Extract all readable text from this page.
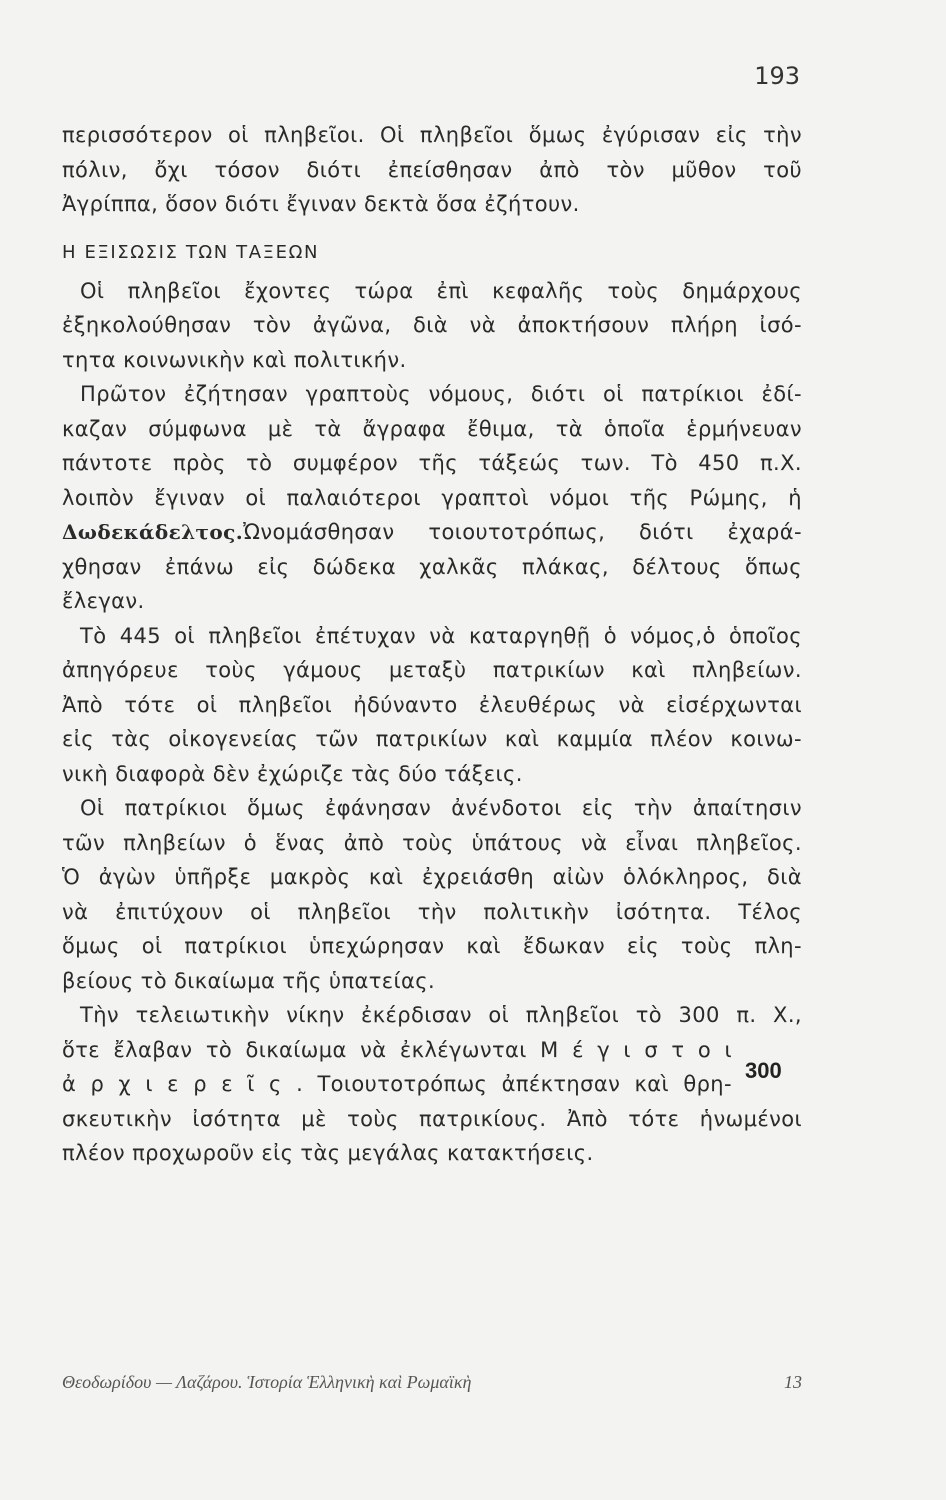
193
περισσότερον οἱ πληβεῖοι. Οἱ πληβεῖοι ὅμως ἐγύρισαν εἰς τὴν
πόλιν, ὄχι τόσον διότι ἐπείσθησαν ἀπὸ τὸν μῦθον τοῦ
Ἀγρίππα, ὅσον διότι ἔγιναν δεκτὰ ὅσα ἐζήτουν.
Η ΕΞΙΣΩΣΙΣ ΤΩΝ ΤΑΞΕΩΝ
Οἱ πληβεῖοι ἔχοντες τώρα ἐπὶ κεφαλῆς τοὺς δημάρχους
ἐξηκολούθησαν τὸν ἀγῶνα, διὰ νὰ ἀποκτήσουν πλήρη ἰσό-
τητα κοινωνικὴν καὶ πολιτικήν.
Πρῶτον ἐζήτησαν γραπτοὺς νόμους, διότι οἱ πατρίκιοι ἐδί-
καζαν σύμφωνα μὲ τὰ ἄγραφα ἔθιμα, τὰ ὁποῖα ἑρμήνευαν
πάντοτε πρὸς τὸ συμφέρον τῆς τάξεώς των. Τὸ 450 π.Χ.
λοιπὸν ἔγιναν οἱ παλαιότεροι γραπτοὶ νόμοι τῆς Ρώμης, ἡ
Δωδεκάδελτος.Ὠνομάσθησαν τοιουτοτρόπως, διότι ἐχαρά-
χθησαν ἐπάνω εἰς δώδεκα χαλκᾶς πλάκας, δέλτους ὅπως
ἔλεγαν.
Τὸ 445 οἱ πληβεῖοι ἐπέτυχαν νὰ καταργηθῇ ὁ νόμος,ὁ ὁποῖος
ἀπηγόρευε τοὺς γάμους μεταξὺ πατρικίων καὶ πληβείων.
Ἀπὸ τότε οἱ πληβεῖοι ἠδύναντο ἐλευθέρως νὰ εἰσέρχωνται
εἰς τὰς οἰκογενείας τῶν πατρικίων καὶ καμμία πλέον κοινω-
νικὴ διαφορὰ δὲν ἐχώριζε τὰς δύο τάξεις.
Οἱ πατρίκιοι ὅμως ἐφάνησαν ἀνένδοτοι εἰς τὴν ἀπαίτησιν
τῶν πληβείων ὁ ἕνας ἀπὸ τοὺς ὑπάτους νὰ εἶναι πληβεῖος.
Ὁ ἀγὼν ὑπῆρξε μακρὸς καὶ ἐχρειάσθη αἰὼν ὁλόκληρος, διὰ
νὰ ἐπιτύχουν οἱ πληβεῖοι τὴν πολιτικὴν ἰσότητα. Τέλος
ὅμως οἱ πατρίκιοι ὑπεχώρησαν καὶ ἔδωκαν εἰς τοὺς πλη-
βείους τὸ δικαίωμα τῆς ὑπατείας.
Τὴν τελειωτικὴν νίκην ἐκέρδισαν οἱ πληβεῖοι τὸ 300 π. Χ.,
ὅτε ἔλαβαν τὸ δικαίωμα νὰ ἐκλέγωνται Μ έ γ ι σ τ ο ι
ἀ ρ χ ι ε ρ ε ῖ ς . Τοιουτοτρόπως ἀπέκτησαν καὶ θρη-
σκευτικὴν ἰσότητα μὲ τοὺς πατρικίους. Ἀπὸ τότε ἡνωμένοι
πλέον προχωροῦν εἰς τὰς μεγάλας κατακτήσεις.
300
Θεοδωρίδου — Λαζάρου. Ἱστορία Ἑλληνικὴ καὶ Ρωμαϊκὴ	13
